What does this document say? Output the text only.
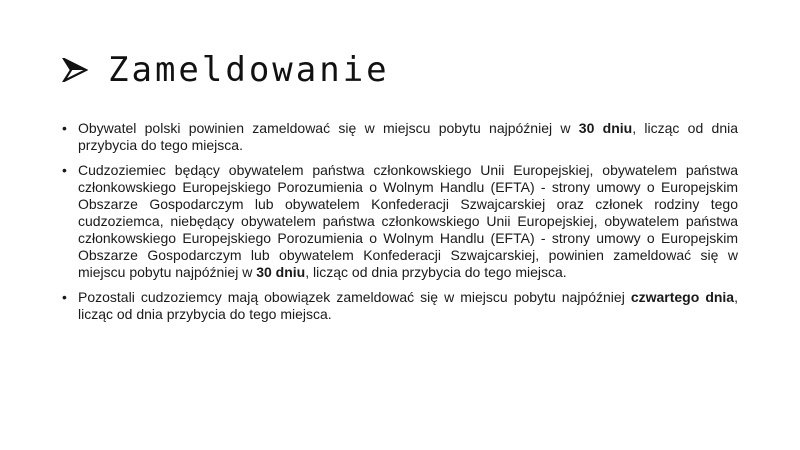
Zameldowanie
• Obywatel polski powinien zameldować się w miejscu pobytu najpóźniej w 30 dniu, licząc od dnia przybycia do tego miejsca.
• Cudzoziemiec będący obywatelem państwa członkowskiego Unii Europejskiej, obywatelem państwa członkowskiego Europejskiego Porozumienia o Wolnym Handlu (EFTA) - strony umowy o Europejskim Obszarze Gospodarczym lub obywatelem Konfederacji Szwajcarskiej oraz członek rodziny tego cudzoziemca, niebędący obywatelem państwa członkowskiego Unii Europejskiej, obywatelem państwa członkowskiego Europejskiego Porozumienia o Wolnym Handlu (EFTA) - strony umowy o Europejskim Obszarze Gospodarczym lub obywatelem Konfederacji Szwajcarskiej, powinien zameldować się w miejscu pobytu najpóźniej w 30 dniu, licząc od dnia przybycia do tego miejsca.
• Pozostali cudzoziemcy mają obowiązek zameldować się w miejscu pobytu najpóźniej czwartego dnia, licząc od dnia przybycia do tego miejsca.
